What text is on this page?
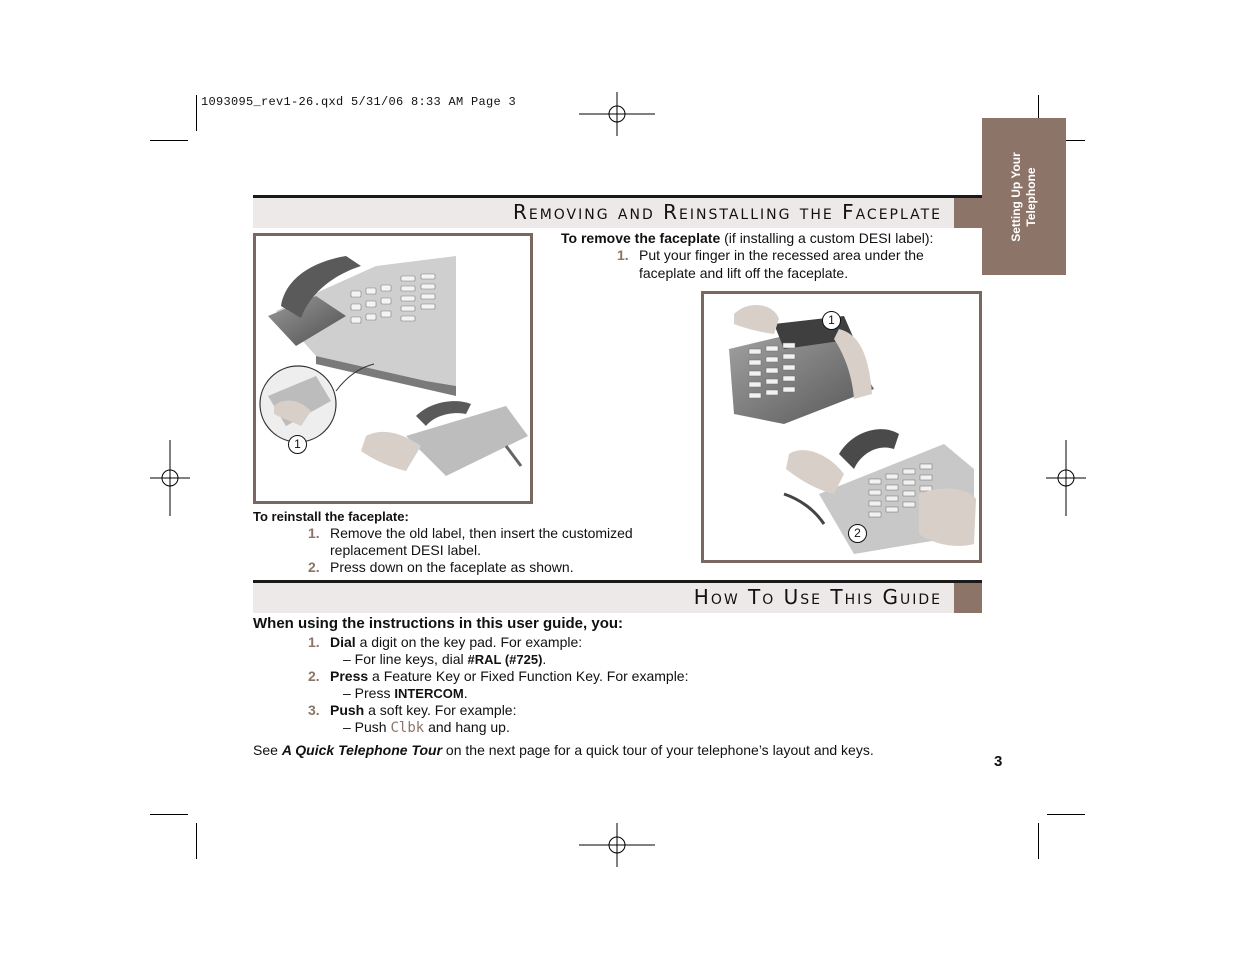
1093095_rev1-26.qxd 5/31/06 8:33 AM Page 3
Setting Up Your Telephone
Removing and Reinstalling the Faceplate
1
To remove the faceplate (if installing a custom DESI label):
1. Put your finger in the recessed area under the
faceplate and lift off the faceplate.
1
2
To reinstall the faceplate:
1. Remove the old label, then insert the customized
replacement DESI label.
2. Press down on the faceplate as shown.
How To Use This Guide
When using the instructions in this user guide, you:
1. Dial a digit on the key pad. For example:
– For line keys, dial #RAL (#725).
2. Press a Feature Key or Fixed Function Key. For example:
– Press INTERCOM.
3. Push a soft key. For example:
– Push Clbk and hang up.
See A Quick Telephone Tour on the next page for a quick tour of your telephone’s layout and keys.
3
